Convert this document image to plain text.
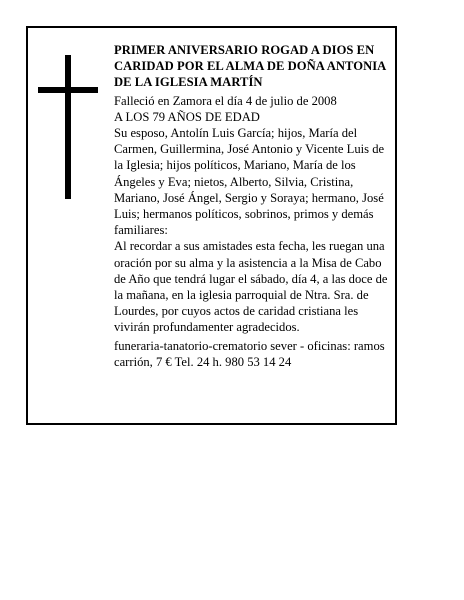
PRIMER ANIVERSARIO ROGAD A DIOS EN CARIDAD POR EL ALMA DE DOÑA ANTONIA DE LA IGLESIA MARTÍN

Falleció en Zamora el día 4 de julio de 2008

A LOS 79 AÑOS DE EDAD

Su esposo, Antolín Luis García; hijos, María del Carmen, Guillermina, José Antonio y Vicente Luis de la Iglesia; hijos políticos, Mariano, María de los Ángeles y Eva; nietos, Alberto, Silvia, Cristina, Mariano, José Ángel, Sergio y Soraya; hermano, José Luis; hermanos políticos, sobrinos, primos y demás familiares:

Al recordar a sus amistades esta fecha, les ruegan una oración por su alma y la asistencia a la Misa de Cabo de Año que tendrá lugar el sábado, día 4, a las doce de la mañana, en la iglesia parroquial de Ntra. Sra. de Lourdes, por cuyos actos de caridad cristiana les vivirán profundamenter agradecidos.

funeraria-tanatorio-crematorio sever - oficinas: ramos carrión, 7 € Tel. 24 h. 980 53 14 24
